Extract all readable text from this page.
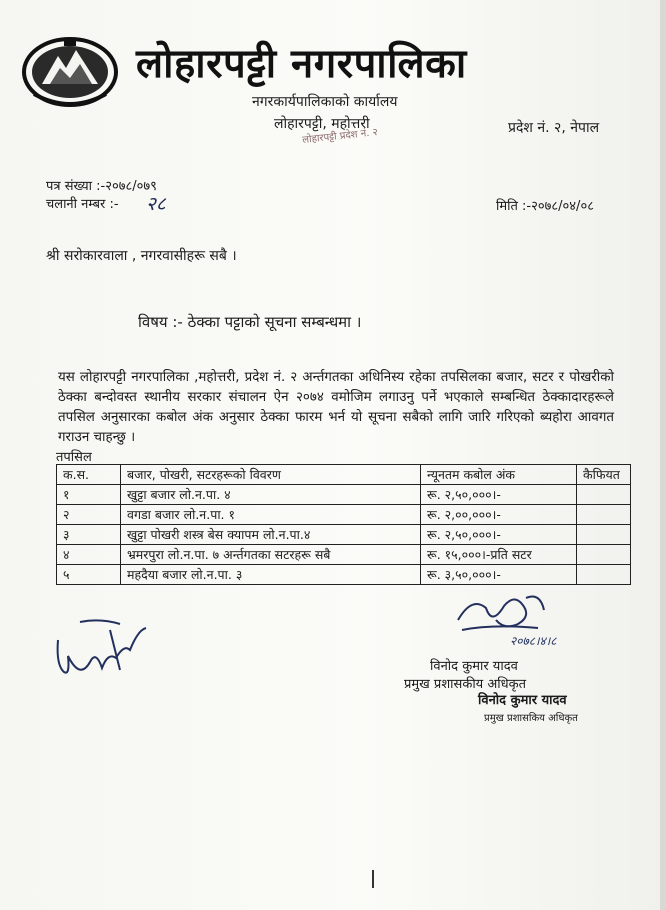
लोहारपट्टी नगरपालिका
नगरकार्यपालिकाको कार्यालय
लोहारपट्टी, महोत्तरी
लोहारपट्टी प्रदेश नं. २	प्रदेश नं. २, नेपाल
पत्र संख्या :-२०७८/०७९
चलानी नम्बर :- २८	मिति :-२०७८/०४/०८
श्री सरोकारवाला , नगरवासीहरू सबै ।
विषय :- ठेक्का पट्टाको सूचना सम्बन्धमा ।
यस लोहारपट्टी नगरपालिका ,महोत्तरी, प्रदेश नं. २ अर्न्तगतका अधिनिस्य रहेका तपसिलका बजार, सटर र पोखरीको ठेक्का बन्दोवस्त स्थानीय सरकार संचालन ऐन २०७४ वमोजिम लगाउनु पर्ने भएकाले सम्बन्धित ठेक्कादारहरूले तपसिल अनुसारका कबोल अंक अनुसार ठेक्का फारम भर्न यो सूचना सबैको लागि जारि गरिएको ब्यहोरा आवगत गराउन चाहन्छु ।
तपसिल
क.स.	बजार, पोखरी, सटरहरूको विवरण	न्यूनतम कबोल अंक	कैफियत
१	खुट्टा बजार लो.न.पा. ४	रू. २,५०,०००।-	
२	वगडा बजार लो.न.पा. १	रू. २,००,०००।-	
३	खुट्टा पोखरी शस्त्र बेस क्यापम लो.न.पा.४	रू. २,५०,०००।-	
४	भ्रमरपुरा लो.न.पा. ७ अर्न्तगतका सटरहरू सबै	रू. १५,०००।-प्रति सटर	
५	महदैया बजार लो.न.पा. ३	रू. ३,५०,०००।-	
२०७८।४।८
विनोद कुमार यादव
प्रमुख प्रशासकीय अधिकृत
विनोद कुमार यादव
प्रमुख प्रशासकिय अधिकृत
